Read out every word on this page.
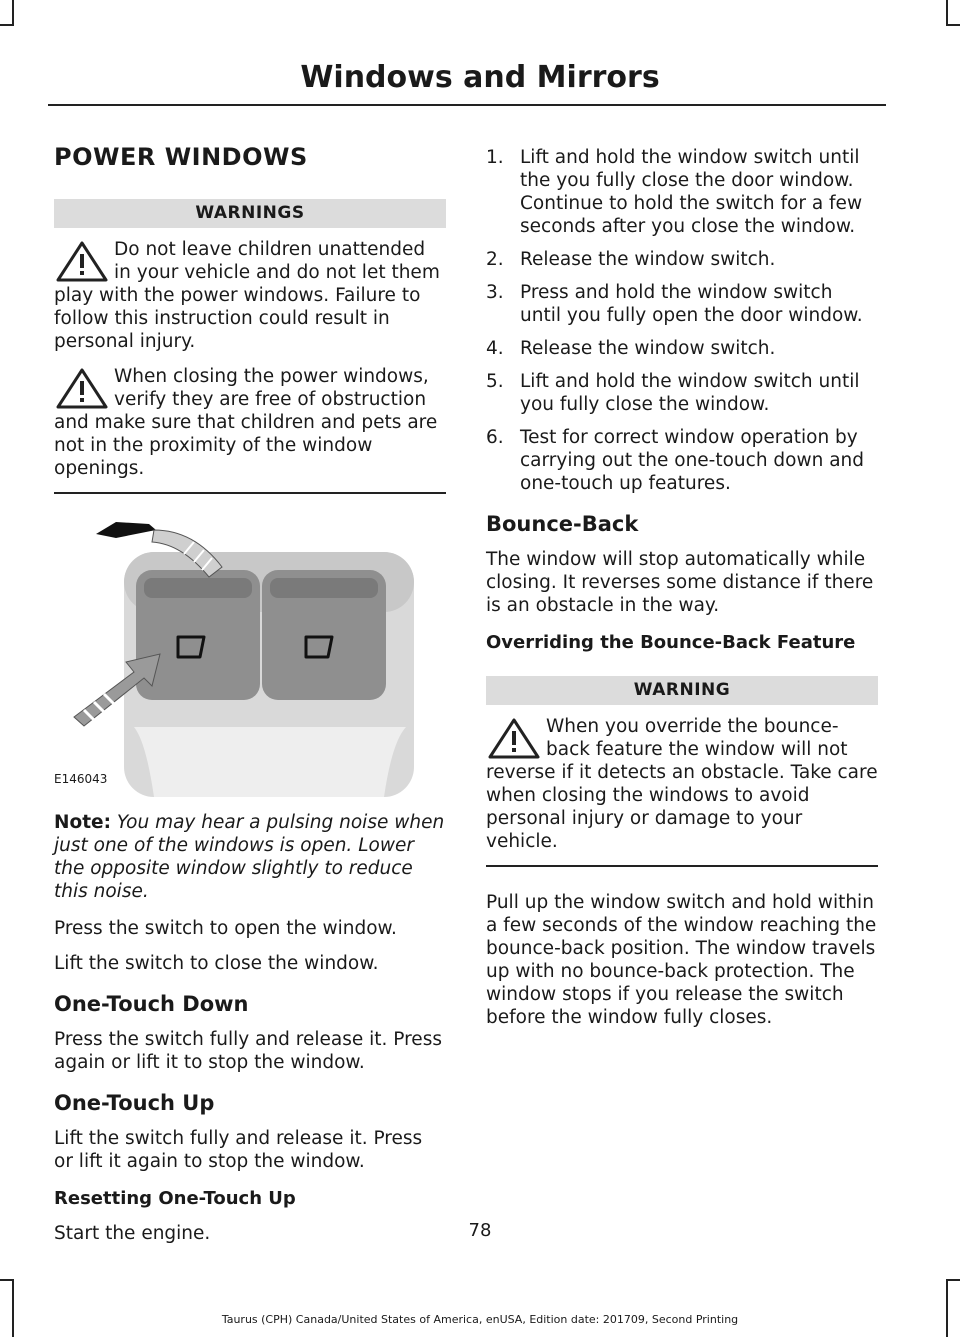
Windows and Mirrors
POWER WINDOWS
WARNINGS
Do not leave children unattended in your vehicle and do not let them play with the power windows. Failure to follow this instruction could result in personal injury.
When closing the power windows, verify they are free of obstruction and make sure that children and pets are not in the proximity of the window openings.
E146043

Note: You may hear a pulsing noise when just one of the windows is open. Lower the opposite window slightly to reduce this noise.

Press the switch to open the window.

Lift the switch to close the window.

One-Touch Down

Press the switch fully and release it. Press again or lift it to stop the window.

One-Touch Up

Lift the switch fully and release it. Press or lift it again to stop the window.

Resetting One-Touch Up

Start the engine.

1. Lift and hold the window switch until the you fully close the door window. Continue to hold the switch for a few seconds after you close the window.
2. Release the window switch.
3. Press and hold the window switch until you fully open the door window.
4. Release the window switch.
5. Lift and hold the window switch until you fully close the window.
6. Test for correct window operation by carrying out the one-touch down and one-touch up features.
Bounce-Back

The window will stop automatically while closing. It reverses some distance if there is an obstacle in the way.

Overriding the Bounce-Back Feature
WARNING
When you override the bounce-back feature the window will not reverse if it detects an obstacle. Take care when closing the windows to avoid personal injury or damage to your vehicle.

Pull up the window switch and hold within a few seconds of the window reaching the bounce-back position. The window travels up with no bounce-back protection. The window stops if you release the switch before the window fully closes.

78
Taurus (CPH) Canada/United States of America, enUSA, Edition date: 201709, Second Printing
